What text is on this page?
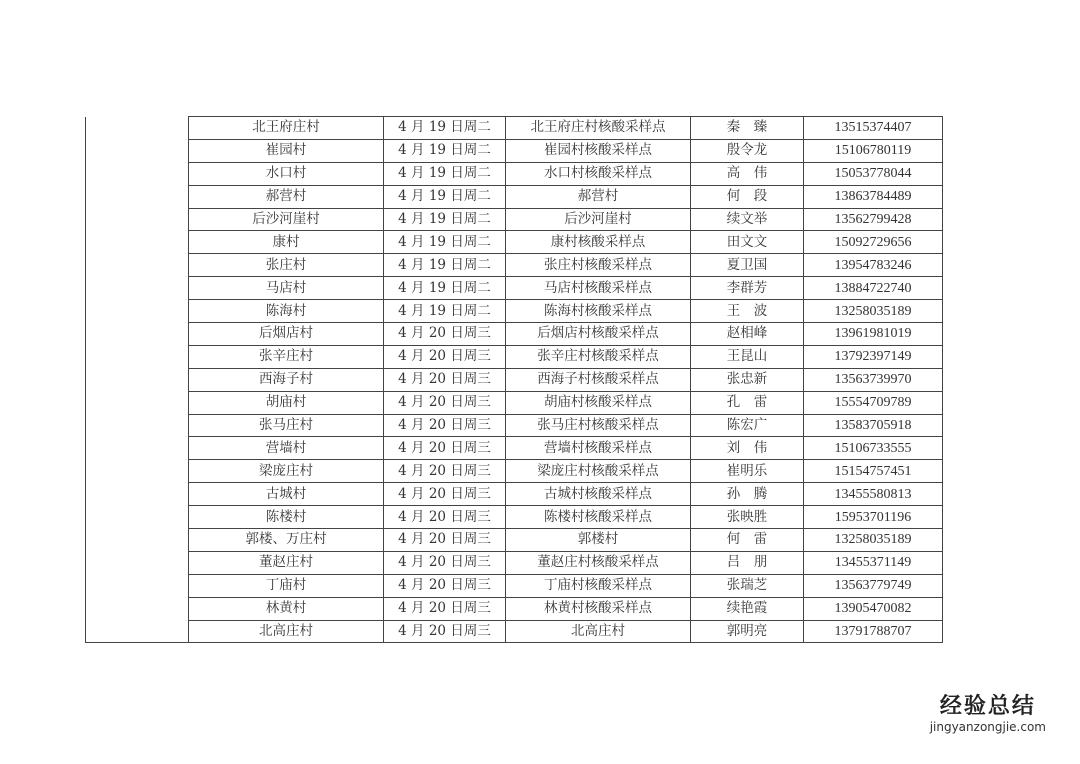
	北王府庄村	4 月 19 日周二	北王府庄村核酸采样点	秦　臻	13515374407
	崔园村	4 月 19 日周二	崔园村核酸采样点	殷令龙	15106780119
	水口村	4 月 19 日周二	水口村核酸采样点	高　伟	15053778044
	郝营村	4 月 19 日周二	郝营村	何　段	13863784489
	后沙河崖村	4 月 19 日周二	后沙河崖村	续文举	13562799428
	康村	4 月 19 日周二	康村核酸采样点	田文文	15092729656
	张庄村	4 月 19 日周二	张庄村核酸采样点	夏卫国	13954783246
	马店村	4 月 19 日周二	马店村核酸采样点	李群芳	13884722740
	陈海村	4 月 19 日周二	陈海村核酸采样点	王　波	13258035189
	后烟店村	4 月 20 日周三	后烟店村核酸采样点	赵相峰	13961981019
	张辛庄村	4 月 20 日周三	张辛庄村核酸采样点	王昆山	13792397149
	西海子村	4 月 20 日周三	西海子村核酸采样点	张忠新	13563739970
	胡庙村	4 月 20 日周三	胡庙村核酸采样点	孔　雷	15554709789
	张马庄村	4 月 20 日周三	张马庄村核酸采样点	陈宏广	13583705918
	营墙村	4 月 20 日周三	营墙村核酸采样点	刘　伟	15106733555
	梁庞庄村	4 月 20 日周三	梁庞庄村核酸采样点	崔明乐	15154757451
	古城村	4 月 20 日周三	古城村核酸采样点	孙　腾	13455580813
	陈楼村	4 月 20 日周三	陈楼村核酸采样点	张映胜	15953701196
	郭楼、万庄村	4 月 20 日周三	郭楼村	何　雷	13258035189
	董赵庄村	4 月 20 日周三	董赵庄村核酸采样点	吕　朋	13455371149
	丁庙村	4 月 20 日周三	丁庙村核酸采样点	张瑞芝	13563779749
	林黄村	4 月 20 日周三	林黄村核酸采样点	续艳霞	13905470082
	北高庄村	4 月 20 日周三	北高庄村	郭明亮	13791788707
经验总结
jingyanzongjie.com
